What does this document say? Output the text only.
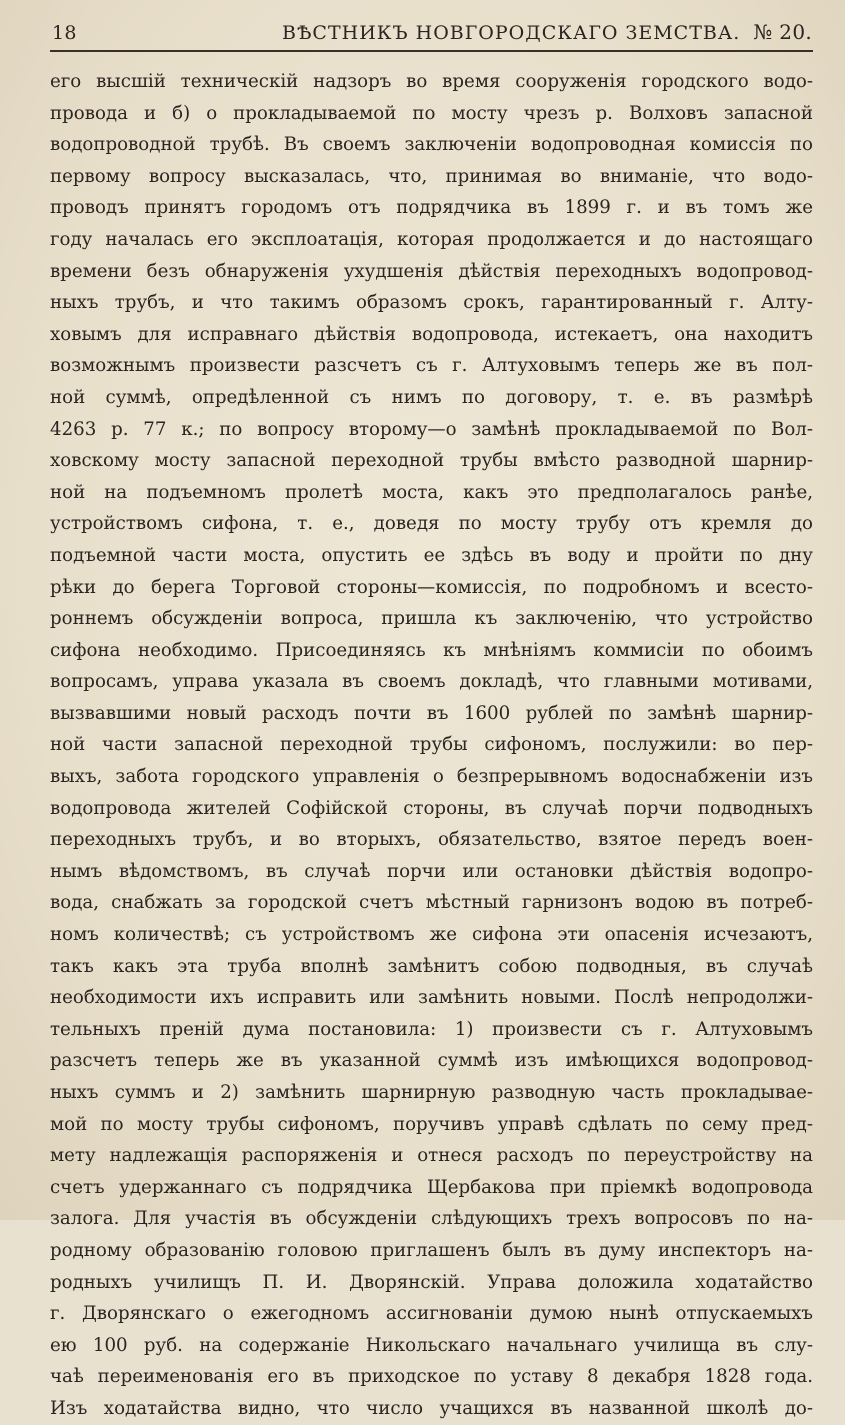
18	ВѢСТНИКЪ НОВГОРОДСКАГО ЗЕМСТВА. № 20.
его высшiй техническiй надзоръ во время сооруженiя городского водо-
провода и б) о прокладываемой по мосту чрезъ р. Волховъ запасной
водопроводной трубѣ. Въ своемъ заключенiи водопроводная комиссiя по
первому вопросу высказалась, что, принимая во вниманiе, что водо-
проводъ принятъ городомъ отъ подрядчика въ 1899 г. и въ томъ же
году началась его эксплоатацiя, которая продолжается и до настоящаго
времени безъ обнаруженiя ухудшенiя дѣйствiя переходныхъ водопровод-
ныхъ трубъ, и что такимъ образомъ срокъ, гарантированный г. Алту-
ховымъ для исправнаго дѣйствiя водопровода, истекаетъ, она находитъ
возможнымъ произвести разсчетъ съ г. Алтуховымъ теперь же въ пол-
ной суммѣ, опредѣленной съ нимъ по договору, т. е. въ размѣрѣ
4263 р. 77 к.; по вопросу второму—о замѣнѣ прокладываемой по Вол-
ховскому мосту запасной переходной трубы вмѣсто разводной шарнир-
ной на подъемномъ пролетѣ моста, какъ это предполагалось ранѣе,
устройствомъ сифона, т. е., доведя по мосту трубу отъ кремля до
подъемной части моста, опустить ее здѣсь въ воду и пройти по дну
рѣки до берега Торговой стороны—комиссiя, по подробномъ и всесто-
роннемъ обсужденiи вопроса, пришла къ заключенiю, что устройство
сифона необходимо. Присоединяясь къ мнѣнiямъ коммисiи по обоимъ
вопросамъ, управа указала въ своемъ докладѣ, что главными мотивами,
вызвавшими новый расходъ почти въ 1600 рублей по замѣнѣ шарнир-
ной части запасной переходной трубы сифономъ, послужили: во пер-
выхъ, забота городского управленiя о безпрерывномъ водоснабженiи изъ
водопровода жителей Софiйской стороны, въ случаѣ порчи подводныхъ
переходныхъ трубъ, и во вторыхъ, обязательство, взятое передъ воен-
нымъ вѣдомствомъ, въ случаѣ порчи или остановки дѣйствiя водопро-
вода, снабжать за городской счетъ мѣстный гарнизонъ водою въ потреб-
номъ количествѣ; съ устройствомъ же сифона эти опасенiя исчезаютъ,
такъ какъ эта труба вполнѣ замѣнитъ собою подводныя, въ случаѣ
необходимости ихъ исправить или замѣнить новыми. Послѣ непродолжи-
тельныхъ пренiй дума постановила: 1) произвести съ г. Алтуховымъ
разсчетъ теперь же въ указанной суммѣ изъ имѣющихся водопровод-
ныхъ суммъ и 2) замѣнить шарнирную разводную часть прокладывае-
мой по мосту трубы сифономъ, поручивъ управѣ сдѣлать по сему пред-
мету надлежащiя распоряженiя и отнеся расходъ по переустройству на
счетъ удержаннаго съ подрядчика Щербакова при прiемкѣ водопровода
залога. Для участiя въ обсужденiи слѣдующихъ трехъ вопросовъ по на-
родному образованiю головою приглашенъ былъ въ думу инспекторъ на-
родныхъ училищъ П. И. Дворянскiй. Управа доложила ходатайство
г. Дворянскаго о ежегодномъ ассигнованiи думою нынѣ отпускаемыхъ
ею 100 руб. на содержанiе Никольскаго начальнаго училища въ слу-
чаѣ переименованiя его въ приходское по уставу 8 декабря 1828 года.
Изъ ходатайства видно, что число учащихся въ названной школѣ до-
